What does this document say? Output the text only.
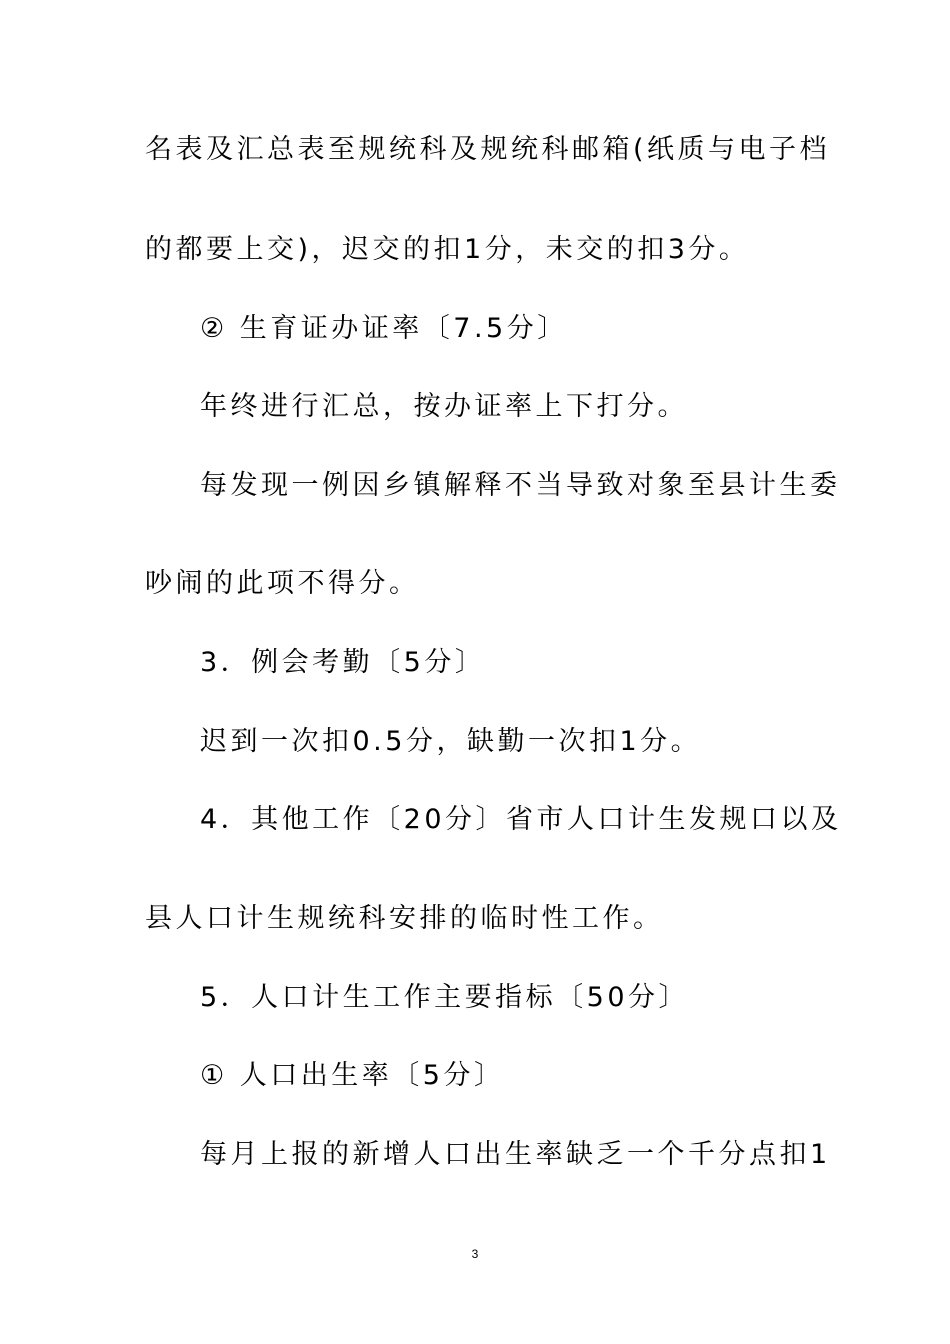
名表及汇总表至规统科及规统科邮箱(纸质与电子档
的都要上交)，迟交的扣1分，未交的扣3分。
② 生育证办证率〔7.5分〕
年终进行汇总，按办证率上下打分。
每发现一例因乡镇解释不当导致对象至县计生委
吵闹的此项不得分。
3．例会考勤〔5分〕
迟到一次扣0.5分，缺勤一次扣1分。
4．其他工作〔20分〕省市人口计生发规口以及
县人口计生规统科安排的临时性工作。
5．人口计生工作主要指标〔50分〕
① 人口出生率〔5分〕
每月上报的新增人口出生率缺乏一个千分点扣1
3
